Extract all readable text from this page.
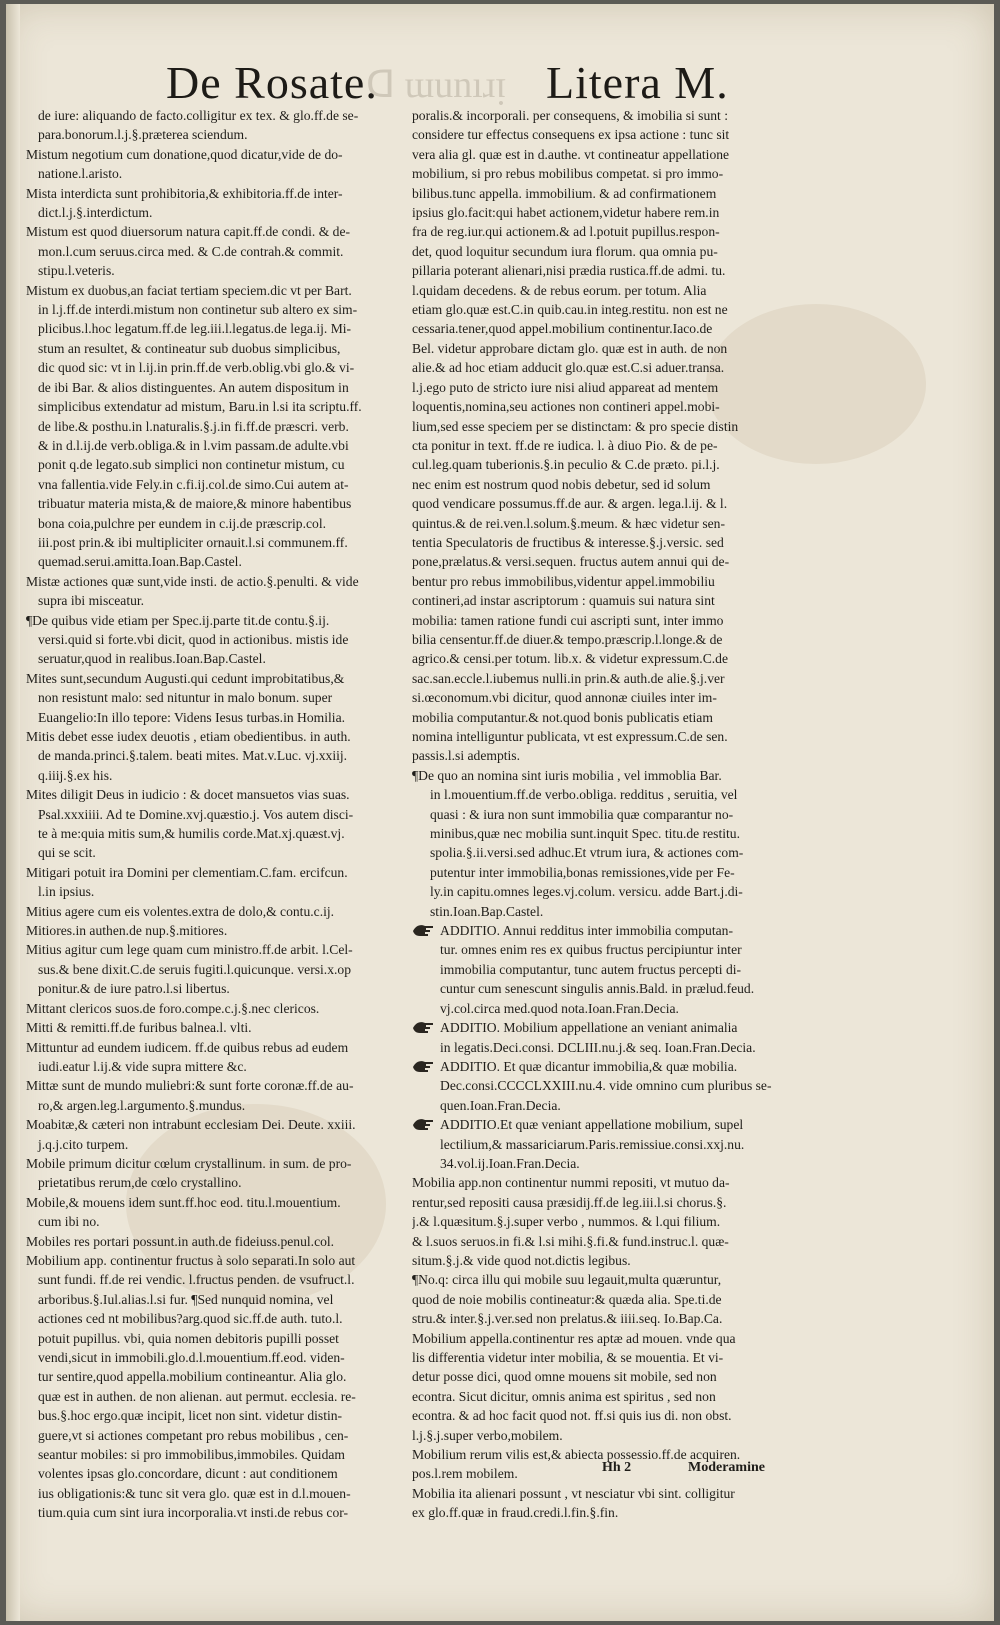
De Rosate.
ᗡ ɯunıɹᴉ Litera M.
de iure: aliquando de facto.colligitur ex tex. & glo.ff.de se-
para.bonorum.l.j.§.præterea sciendum.
Mistum negotium cum donatione,quod dicatur,vide de do-
natione.l.aristo.
Mista interdicta sunt prohibitoria,& exhibitoria.ff.de inter-
dict.l.j.§.interdictum.
Mistum est quod diuersorum natura capit.ff.de condi. & de-
mon.l.cum seruus.circa med. & C.de contrah.& commit.
stipu.l.veteris.
Mistum ex duobus,an faciat tertiam speciem.dic vt per Bart.
in l.j.ff.de interdi.mistum non continetur sub altero ex sim-
plicibus.l.hoc legatum.ff.de leg.iii.l.legatus.de lega.ij. Mi-
stum an resultet, & contineatur sub duobus simplicibus,
dic quod sic: vt in l.ij.in prin.ff.de verb.oblig.vbi glo.& vi-
de ibi Bar. & alios distinguentes. An autem dispositum in
simplicibus extendatur ad mistum, Baru.in l.si ita scriptu.ff.
de libe.& posthu.in l.naturalis.§.j.in fi.ff.de præscri. verb.
& in d.l.ij.de verb.obliga.& in l.vim passam.de adulte.vbi
ponit q.de legato.sub simplici non continetur mistum, cu
vna fallentia.vide Fely.in c.fi.ij.col.de simo.Cui autem at-
tribuatur materia mista,& de maiore,& minore habentibus
bona coia,pulchre per eundem in c.ij.de præscrip.col.
iii.post prin.& ibi multipliciter ornauit.l.si communem.ff.
quemad.serui.amitta.Ioan.Bap.Castel.
Mistæ actiones quæ sunt,vide insti. de actio.§.penulti. & vide
supra ibi misceatur.
¶De quibus vide etiam per Spec.ij.parte tit.de contu.§.ij.
versi.quid si forte.vbi dicit, quod in actionibus. mistis ide
seruatur,quod in realibus.Ioan.Bap.Castel.
Mites sunt,secundum Augusti.qui cedunt improbitatibus,&
non resistunt malo: sed nituntur in malo bonum. super
Euangelio:In illo tepore: Videns Iesus turbas.in Homilia.
Mitis debet esse iudex deuotis , etiam obedientibus. in auth.
de manda.princi.§.talem. beati mites. Mat.v.Luc. vj.xxiij.
q.iiij.§.ex his.
Mites diligit Deus in iudicio : & docet mansuetos vias suas.
Psal.xxxiiii. Ad te Domine.xvj.quæstio.j. Vos autem disci-
te à me:quia mitis sum,& humilis corde.Mat.xj.quæst.vj.
qui se scit.
Mitigari potuit ira Domini per clementiam.C.fam. ercifcun.
l.in ipsius.
Mitius agere cum eis volentes.extra de dolo,& contu.c.ij.
Mitiores.in authen.de nup.§.mitiores.
Mitius agitur cum lege quam cum ministro.ff.de arbit. l.Cel-
sus.& bene dixit.C.de seruis fugiti.l.quicunque. versi.x.op
ponitur.& de iure patro.l.si libertus.
Mittant clericos suos.de foro.compe.c.j.§.nec clericos.
Mitti & remitti.ff.de furibus balnea.l. vlti.
Mittuntur ad eundem iudicem. ff.de quibus rebus ad eudem
iudi.eatur l.ij.& vide supra mittere &c.
Mittæ sunt de mundo muliebri:& sunt forte coronæ.ff.de au-
ro,& argen.leg.l.argumento.§.mundus.
Moabitæ,& cæteri non intrabunt ecclesiam Dei. Deute. xxiii.
j.q.j.cito turpem.
Mobile primum dicitur cœlum crystallinum. in sum. de pro-
prietatibus rerum,de cœlo crystallino.
Mobile,& mouens idem sunt.ff.hoc eod. titu.l.mouentium.
cum ibi no.
Mobiles res portari possunt.in auth.de fideiuss.penul.col.
Mobilium app. continentur fructus à solo separati.In solo aut
sunt fundi. ff.de rei vendic. l.fructus penden. de vsufruct.l.
arboribus.§.Iul.alias.l.si fur. ¶Sed nunquid nomina, vel
actiones ced nt mobilibus?arg.quod sic.ff.de auth. tuto.l.
potuit pupillus. vbi, quia nomen debitoris pupilli posset
vendi,sicut in immobili.glo.d.l.mouentium.ff.eod. viden-
tur sentire,quod appella.mobilium contineantur. Alia glo.
quæ est in authen. de non alienan. aut permut. ecclesia. re-
bus.§.hoc ergo.quæ incipit, licet non sint. videtur distin-
guere,vt si actiones competant pro rebus mobilibus , cen-
seantur mobiles: si pro immobilibus,immobiles. Quidam
volentes ipsas glo.concordare, dicunt : aut conditionem
ius obligationis:& tunc sit vera glo. quæ est in d.l.mouen-
tium.quia cum sint iura incorporalia.vt insti.de rebus cor-
poralis.& incorporali. per consequens, & imobilia si sunt :
considere tur effectus consequens ex ipsa actione : tunc sit
vera alia gl. quæ est in d.authe. vt contineatur appellatione
mobilium, si pro rebus mobilibus competat. si pro immo-
bilibus.tunc appella. immobilium. & ad confirmationem
ipsius glo.facit:qui habet actionem,videtur habere rem.in
fra de reg.iur.qui actionem.& ad l.potuit pupillus.respon-
det, quod loquitur secundum iura florum. qua omnia pu-
pillaria poterant alienari,nisi prædia rustica.ff.de admi. tu.
l.quidam decedens. & de rebus eorum. per totum. Alia
etiam glo.quæ est.C.in quib.cau.in integ.restitu. non est ne
cessaria.tener,quod appel.mobilium continentur.Iaco.de
Bel. videtur approbare dictam glo. quæ est in auth. de non
alie.& ad hoc etiam adducit glo.quæ est.C.si aduer.transa.
l.j.ego puto de stricto iure nisi aliud appareat ad mentem
loquentis,nomina,seu actiones non contineri appel.mobi-
lium,sed esse speciem per se distinctam: & pro specie distin
cta ponitur in text. ff.de re iudica. l. à diuo Pio. & de pe-
cul.leg.quam tuberionis.§.in peculio & C.de præto. pi.l.j.
nec enim est nostrum quod nobis debetur, sed id solum
quod vendicare possumus.ff.de aur. & argen. lega.l.ij. & l.
quintus.& de rei.ven.l.solum.§.meum. & hæc videtur sen-
tentia Speculatoris de fructibus & interesse.§.j.versic. sed
pone,prælatus.& versi.sequen. fructus autem annui qui de-
bentur pro rebus immobilibus,videntur appel.immobiliu
contineri,ad instar ascriptorum : quamuis sui natura sint
mobilia: tamen ratione fundi cui ascripti sunt, inter immo
bilia censentur.ff.de diuer.& tempo.præscrip.l.longe.& de
agrico.& censi.per totum. lib.x. & videtur expressum.C.de
sac.san.eccle.l.iubemus nulli.in prin.& auth.de alie.§.j.ver
si.œconomum.vbi dicitur, quod annonæ ciuiles inter im-
mobilia computantur.& not.quod bonis publicatis etiam
nomina intelliguntur publicata, vt est expressum.C.de sen.
passis.l.si ademptis.
¶De quo an nomina sint iuris mobilia , vel immoblia Bar.
in l.mouentium.ff.de verbo.obliga. redditus , seruitia, vel
quasi : & iura non sunt immobilia quæ comparantur no-
minibus,quæ nec mobilia sunt.inquit Spec. titu.de restitu.
spolia.§.ii.versi.sed adhuc.Et vtrum iura, & actiones com-
putentur inter immobilia,bonas remissiones,vide per Fe-
ly.in capitu.omnes leges.vj.colum. versicu. adde Bart.j.di-
stin.Ioan.Bap.Castel.
ADDITIO. Annui redditus inter immobilia computan-
tur. omnes enim res ex quibus fructus percipiuntur inter
immobilia computantur, tunc autem fructus percepti di-
cuntur cum senescunt singulis annis.Bald. in prælud.feud.
vj.col.circa med.quod nota.Ioan.Fran.Decia.
ADDITIO. Mobilium appellatione an veniant animalia
in legatis.Deci.consi. DCLIII.nu.j.& seq. Ioan.Fran.Decia.
ADDITIO. Et quæ dicantur immobilia,& quæ mobilia.
Dec.consi.CCCCLXXIII.nu.4. vide omnino cum pluribus se-
quen.Ioan.Fran.Decia.
ADDITIO.Et quæ veniant appellatione mobilium, supel
lectilium,& massariciarum.Paris.remissiue.consi.xxj.nu.
34.vol.ij.Ioan.Fran.Decia.
Mobilia app.non continentur nummi repositi, vt mutuo da-
rentur,sed repositi causa præsidij.ff.de leg.iii.l.si chorus.§.
j.& l.quæsitum.§.j.super verbo , nummos. & l.qui filium.
& l.suos seruos.in fi.& l.si mihi.§.fi.& fund.instruc.l. quæ-
situm.§.j.& vide quod not.dictis legibus.
¶No.q: circa illu qui mobile suu legauit,multa quæruntur,
quod de noie mobilis contineatur:& quæda alia. Spe.ti.de
stru.& inter.§.j.ver.sed non prelatus.& iiii.seq. Io.Bap.Ca.
Mobilium appella.continentur res aptæ ad mouen. vnde qua
lis differentia videtur inter mobilia, & se mouentia. Et vi-
detur posse dici, quod omne mouens sit mobile, sed non
econtra. Sicut dicitur, omnis anima est spiritus , sed non
econtra. & ad hoc facit quod not. ff.si quis ius di. non obst.
l.j.§.j.super verbo,mobilem.
Mobilium rerum vilis est,& abiecta possessio.ff.de acquiren.
pos.l.rem mobilem.
Mobilia ita alienari possunt , vt nesciatur vbi sint. colligitur
ex glo.ff.quæ in fraud.credi.l.fin.§.fin.
Hh 2	Moderamine
